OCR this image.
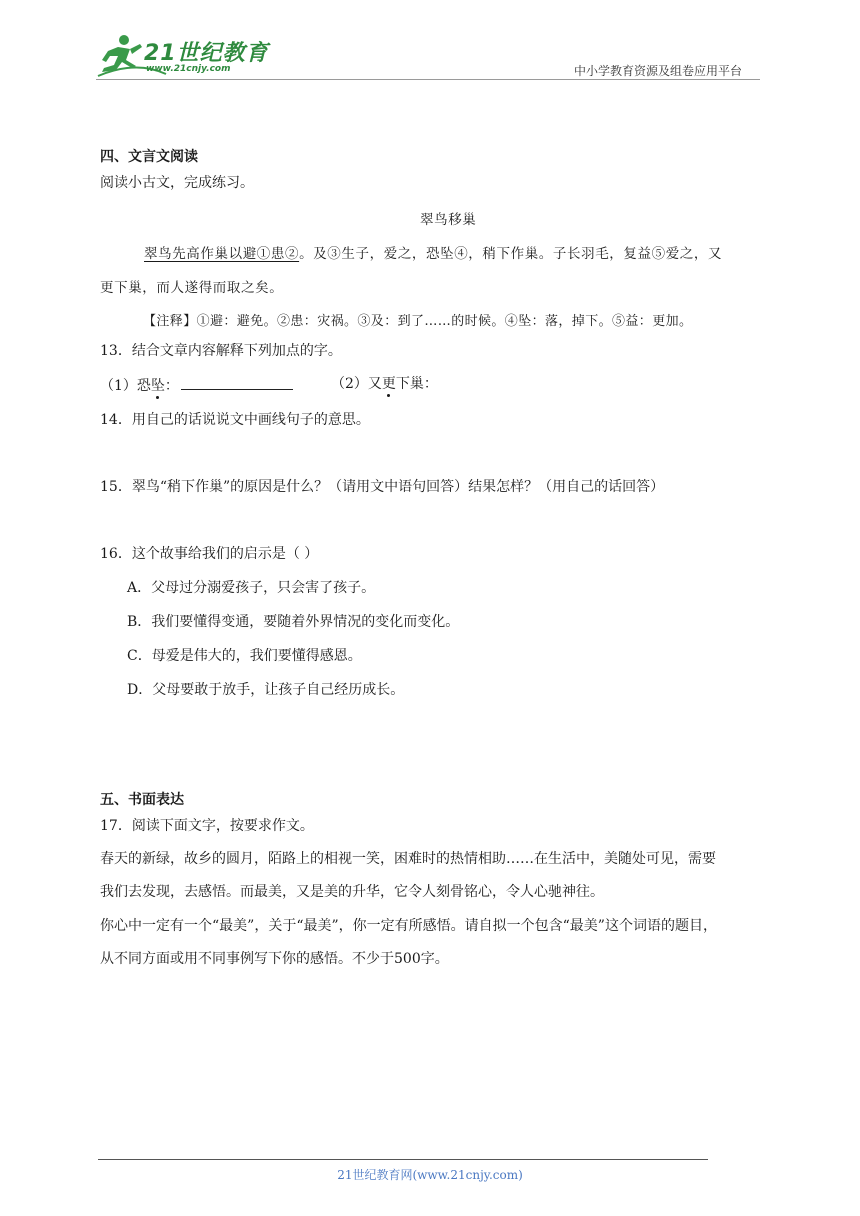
21世纪教育
www.21cnjy.com	中小学教育资源及组卷应用平台
四、文言文阅读
阅读小古文，完成练习。
翠鸟移巢
翠鸟先高作巢以避①患②。及③生子，爱之，恐坠④，稍下作巢。子长羽毛，复益⑤爱之，又
更下巢，而人遂得而取之矣。
【注释】①避：避免。②患：灾祸。③及：到了……的时候。④坠：落，掉下。⑤益：更加。
13．结合文章内容解释下列加点的字。
（1）恐坠：	（2）又更下巢：
14．用自己的话说说文中画线句子的意思。
15．翠鸟“稍下作巢”的原因是什么？（请用文中语句回答）结果怎样？（用自己的话回答）
16．这个故事给我们的启示是（ ）
A．父母过分溺爱孩子，只会害了孩子。
B．我们要懂得变通，要随着外界情况的变化而变化。
C．母爱是伟大的，我们要懂得感恩。
D．父母要敢于放手，让孩子自己经历成长。
五、书面表达
17．阅读下面文字，按要求作文。
春天的新绿，故乡的圆月，陌路上的相视一笑，困难时的热情相助……在生活中，美随处可见，需要
我们去发现，去感悟。而最美，又是美的升华，它令人刻骨铭心，令人心驰神往。
你心中一定有一个“最美”，关于“最美”，你一定有所感悟。请自拟一个包含“最美”这个词语的题目，
从不同方面或用不同事例写下你的感悟。不少于500字。
21世纪教育网(www.21cnjy.com)
